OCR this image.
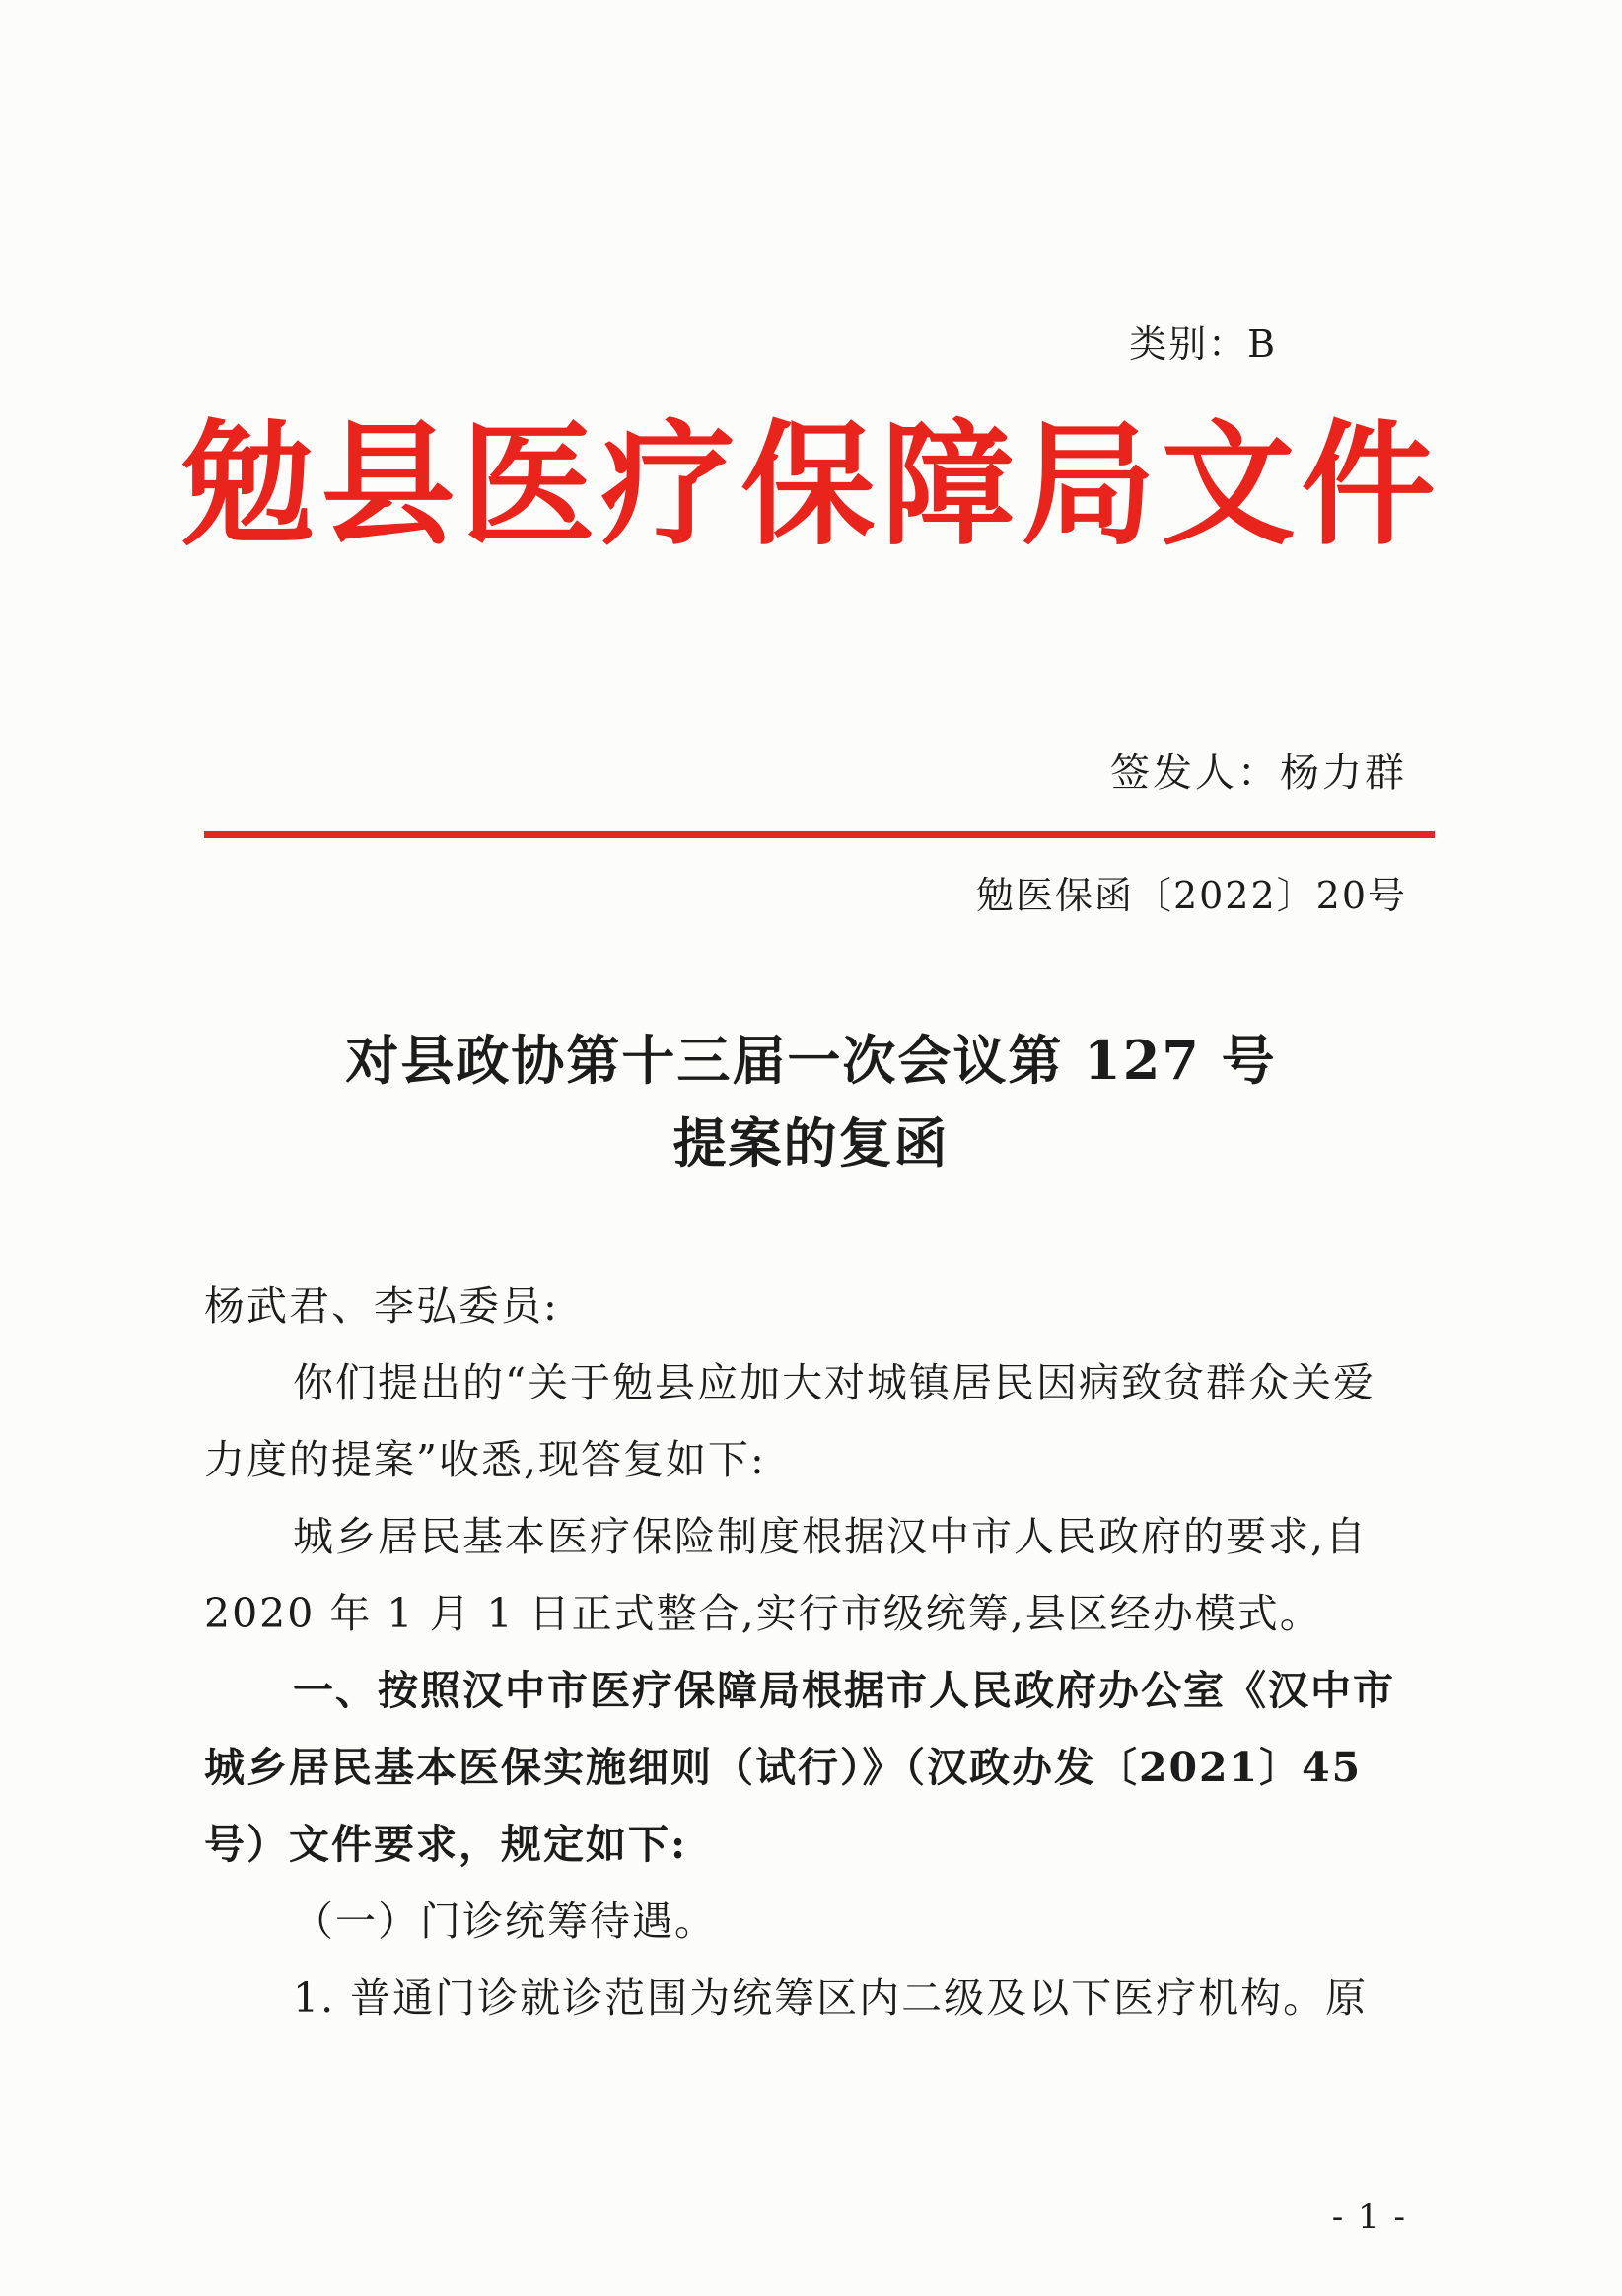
类别：B
勉县医疗保障局文件
签发人：杨力群
勉医保函〔2022〕20号
对县政协第十三届一次会议第 127 号
提案的复函
杨武君、李弘委员:
你们提出的“关于勉县应加大对城镇居民因病致贫群众关爱
力度的提案”收悉,现答复如下:
城乡居民基本医疗保险制度根据汉中市人民政府的要求,自
2020 年 1 月 1 日正式整合,实行市级统筹,县区经办模式。
一、按照汉中市医疗保障局根据市人民政府办公室《汉中市
城乡居民基本医保实施细则（试行）》（汉政办发〔2021〕45
号）文件要求，规定如下:
（一）门诊统筹待遇。
1. 普通门诊就诊范围为统筹区内二级及以下医疗机构。原
- 1 -
